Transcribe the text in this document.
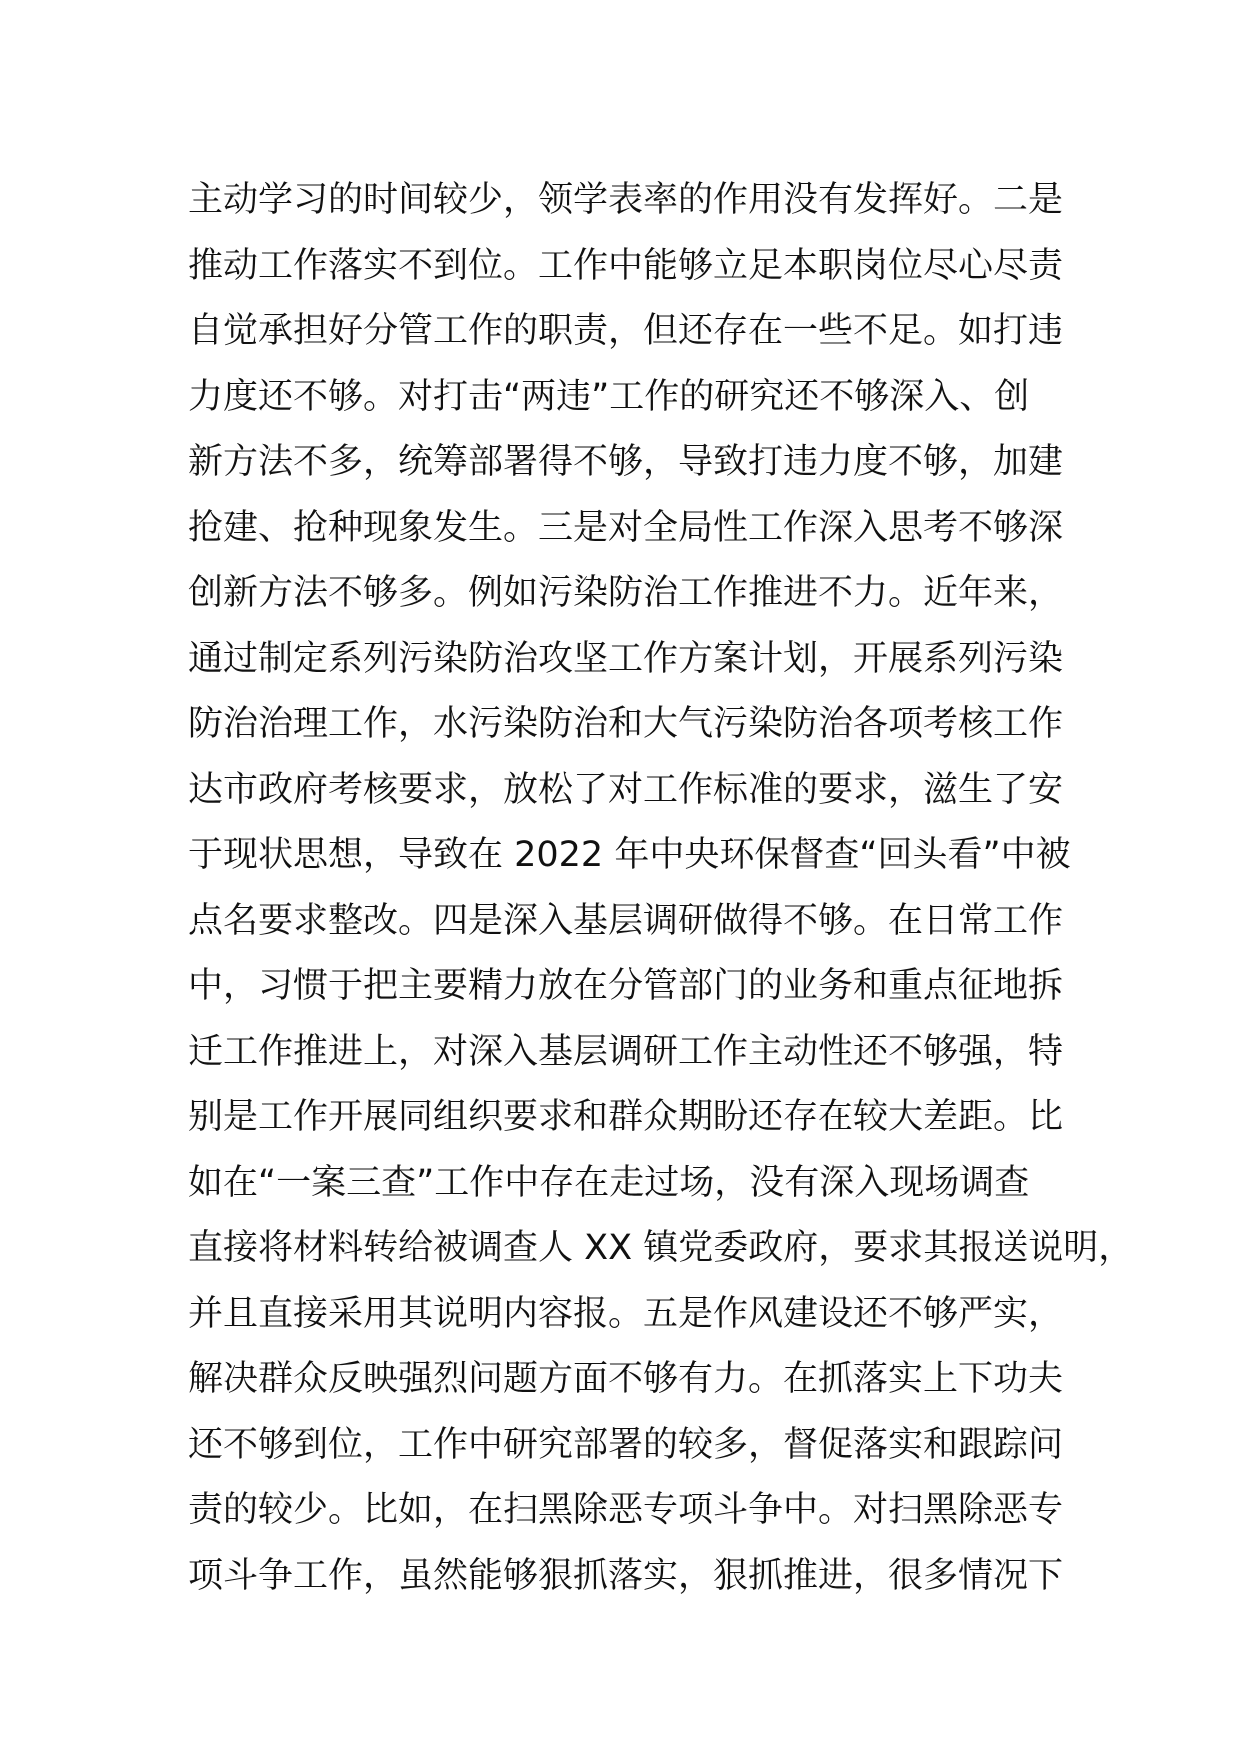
主动学习的时间较少，领学表率的作用没有发挥好。二是
推动工作落实不到位。工作中能够立足本职岗位尽心尽责
自觉承担好分管工作的职责，但还存在一些不足。如打违
力度还不够。对打击“两违”工作的研究还不够深入、创
新方法不多，统筹部署得不够，导致打违力度不够，加建
抢建、抢种现象发生。三是对全局性工作深入思考不够深
创新方法不够多。例如污染防治工作推进不力。近年来，
通过制定系列污染防治攻坚工作方案计划，开展系列污染
防治治理工作，水污染防治和大气污染防治各项考核工作
达市政府考核要求，放松了对工作标准的要求，滋生了安
于现状思想，导致在 2022 年中央环保督查“回头看”中被
点名要求整改。四是深入基层调研做得不够。在日常工作
中，习惯于把主要精力放在分管部门的业务和重点征地拆
迁工作推进上，对深入基层调研工作主动性还不够强，特
别是工作开展同组织要求和群众期盼还存在较大差距。比
如在“一案三查”工作中存在走过场，没有深入现场调查
直接将材料转给被调查人 XX 镇党委政府，要求其报送说明，
并且直接采用其说明内容报。五是作风建设还不够严实，
解决群众反映强烈问题方面不够有力。在抓落实上下功夫
还不够到位，工作中研究部署的较多，督促落实和跟踪问
责的较少。比如，在扫黑除恶专项斗争中。对扫黑除恶专
项斗争工作，虽然能够狠抓落实，狠抓推进，很多情况下
